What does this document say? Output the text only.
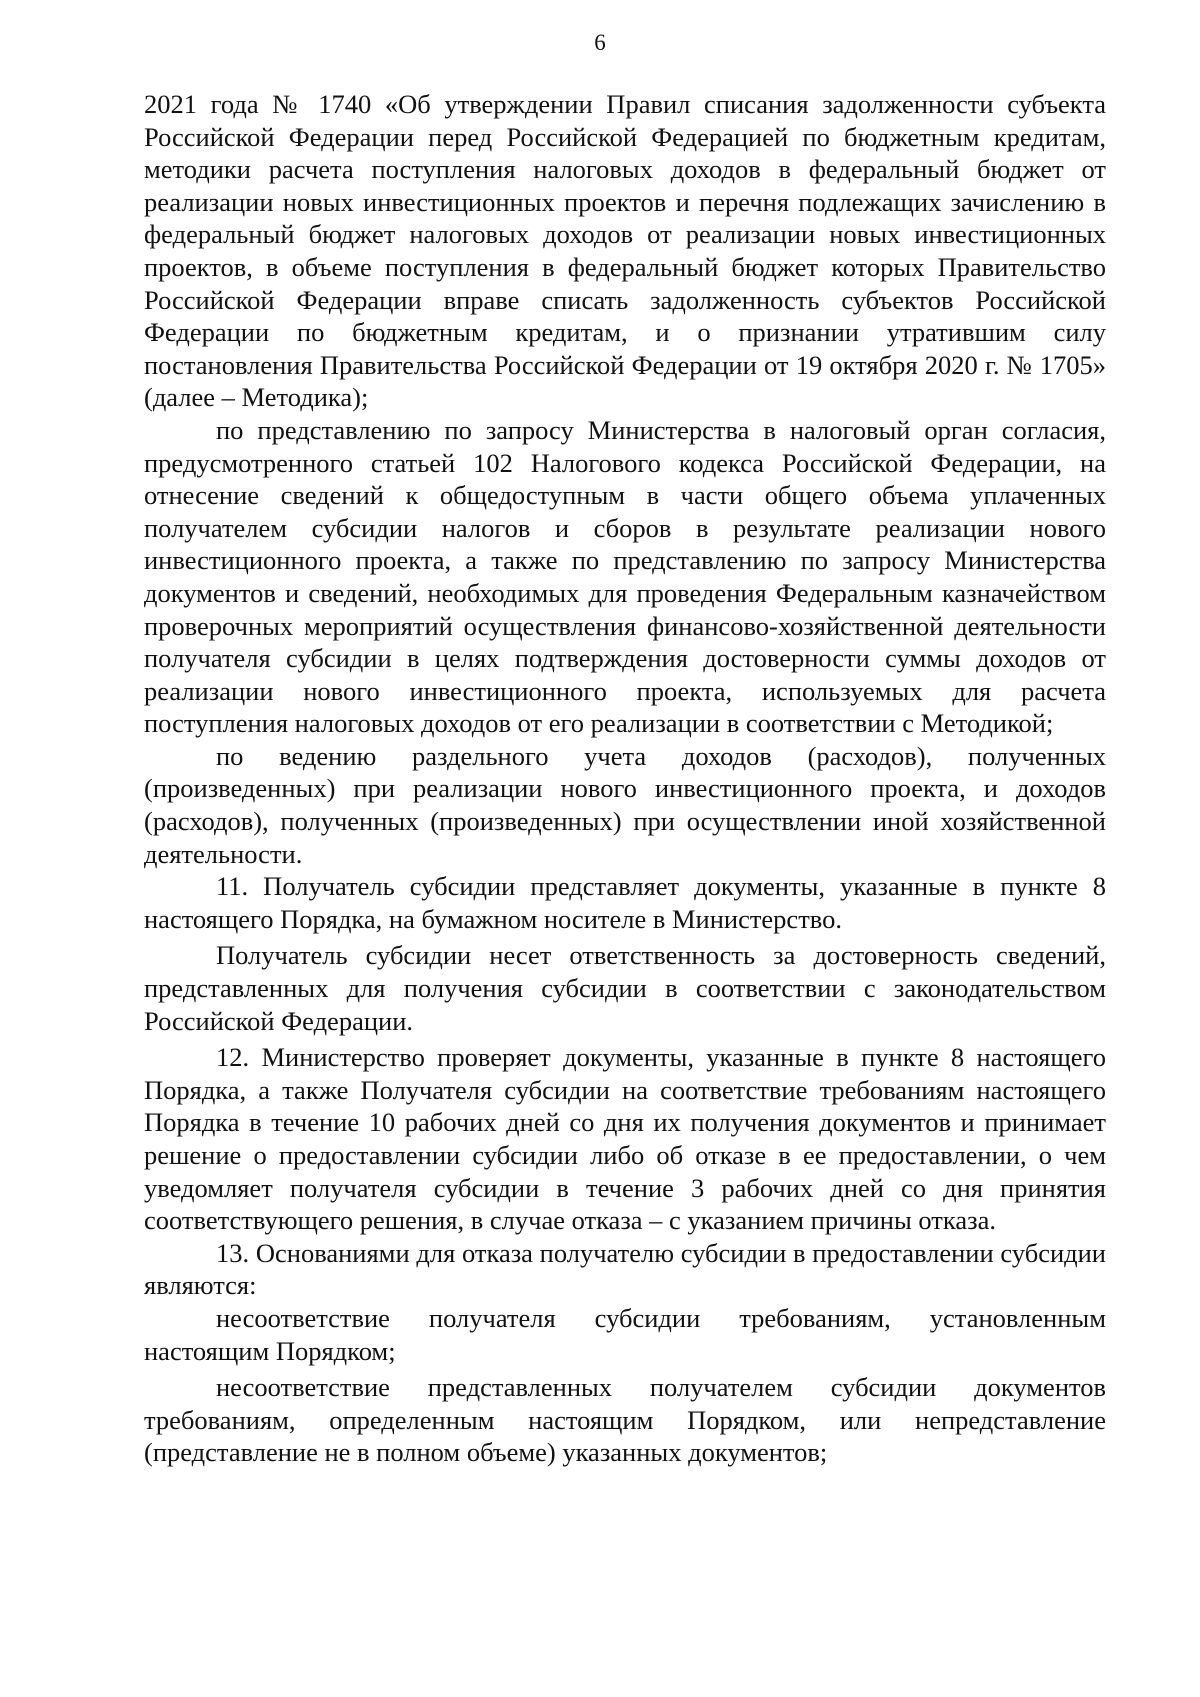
6

2021 года № 1740 «Об утверждении Правил списания задолженности субъекта Российской Федерации перед Российской Федерацией по бюджетным кредитам, методики расчета поступления налоговых доходов в федеральный бюджет от реализации новых инвестиционных проектов и перечня подлежащих зачислению в федеральный бюджет налоговых доходов от реализации новых инвестиционных проектов, в объеме поступления в федеральный бюджет которых Правительство Российской Федерации вправе списать задолженность субъектов Российской Федерации по бюджетным кредитам, и о признании утратившим силу постановления Правительства Российской Федерации от 19 октября 2020 г. № 1705» (далее – Методика);

по представлению по запросу Министерства в налоговый орган согласия, предусмотренного статьей 102 Налогового кодекса Российской Федерации, на отнесение сведений к общедоступным в части общего объема уплаченных получателем субсидии налогов и сборов в результате реализации нового инвестиционного проекта, а также по представлению по запросу Министерства документов и сведений, необходимых для проведения Федеральным казначейством проверочных мероприятий осуществления финансово-хозяйственной деятельности получателя субсидии в целях подтверждения достоверности суммы доходов от реализации нового инвестиционного проекта, используемых для расчета поступления налоговых доходов от его реализации в соответствии с Методикой;

по ведению раздельного учета доходов (расходов), полученных (произведенных) при реализации нового инвестиционного проекта, и доходов (расходов), полученных (произведенных) при осуществлении иной хозяйственной деятельности.

11. Получатель субсидии представляет документы, указанные в пункте 8 настоящего Порядка, на бумажном носителе в Министерство.

Получатель субсидии несет ответственность за достоверность сведений, представленных для получения субсидии в соответствии с законодательством Российской Федерации.

12. Министерство проверяет документы, указанные в пункте 8 настоящего Порядка, а также Получателя субсидии на соответствие требованиям настоящего Порядка в течение 10 рабочих дней со дня их получения документов и принимает решение о предоставлении субсидии либо об отказе в ее предоставлении, о чем уведомляет получателя субсидии в течение 3 рабочих дней со дня принятия соответствующего решения, в случае отказа – с указанием причины отказа.

13. Основаниями для отказа получателю субсидии в предоставлении субсидии являются:

несоответствие получателя субсидии требованиям, установленным настоящим Порядком;

несоответствие представленных получателем субсидии документов требованиям, определенным настоящим Порядком, или непредставление (представление не в полном объеме) указанных документов;
